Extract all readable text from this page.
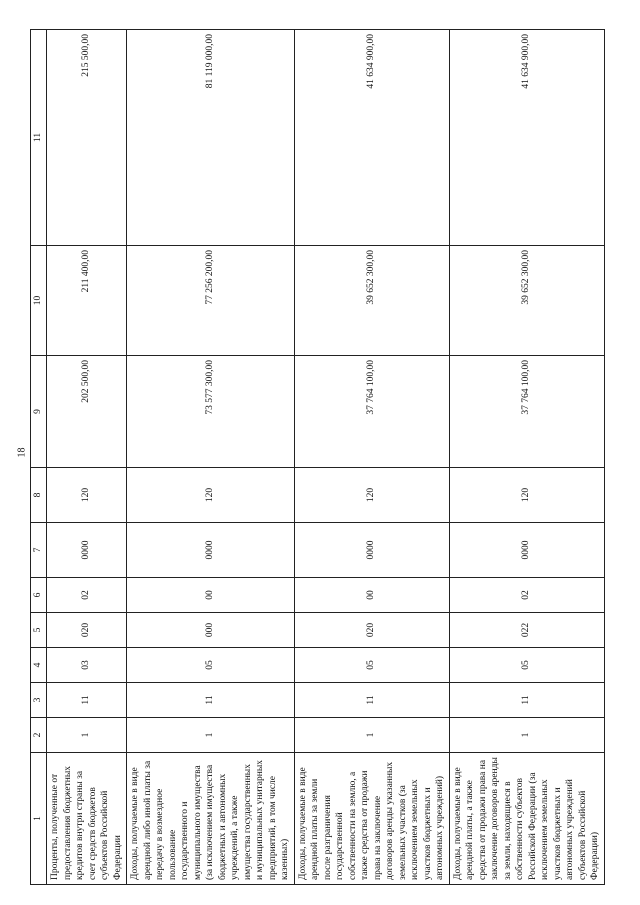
18
1	2	3	4	5	6	7	8	9	10	11
Проценты, полученные от предоставления бюджетных кредитов внутри страны за счет средств бюджетов субъектов Российской Федерации	1	11	03	020	02	0000	120	202 500,00	211 400,00	215 500,00
Доходы, получаемые в виде арендной либо иной платы за передачу в возмездное пользование государственного и муниципального имущества (за исключением имущества бюджетных и автономных учреждений, а также имущества государственных и муниципальных унитарных предприятий, в том числе казенных)	1	11	05	000	00	0000	120	73 577 300,00	77 256 200,00	81 119 000,00
Доходы, получаемые в виде арендной платы за земли после разграничения государственной собственности на землю, а также средства от продажи права на заключение договоров аренды указанных земельных участков (за исключением земельных участков бюджетных и автономных учреждений)	1	11	05	020	00	0000	120	37 764 100,00	39 652 300,00	41 634 900,00
Доходы, получаемые в виде арендной платы, а также средства от продажи права на заключение договоров аренды за земли, находящиеся в собственности субъектов Российской Федерации (за исключением земельных участков бюджетных и автономных учреждений субъектов Российской Федерации)	1	11	05	022	02	0000	120	37 764 100,00	39 652 300,00	41 634 900,00
